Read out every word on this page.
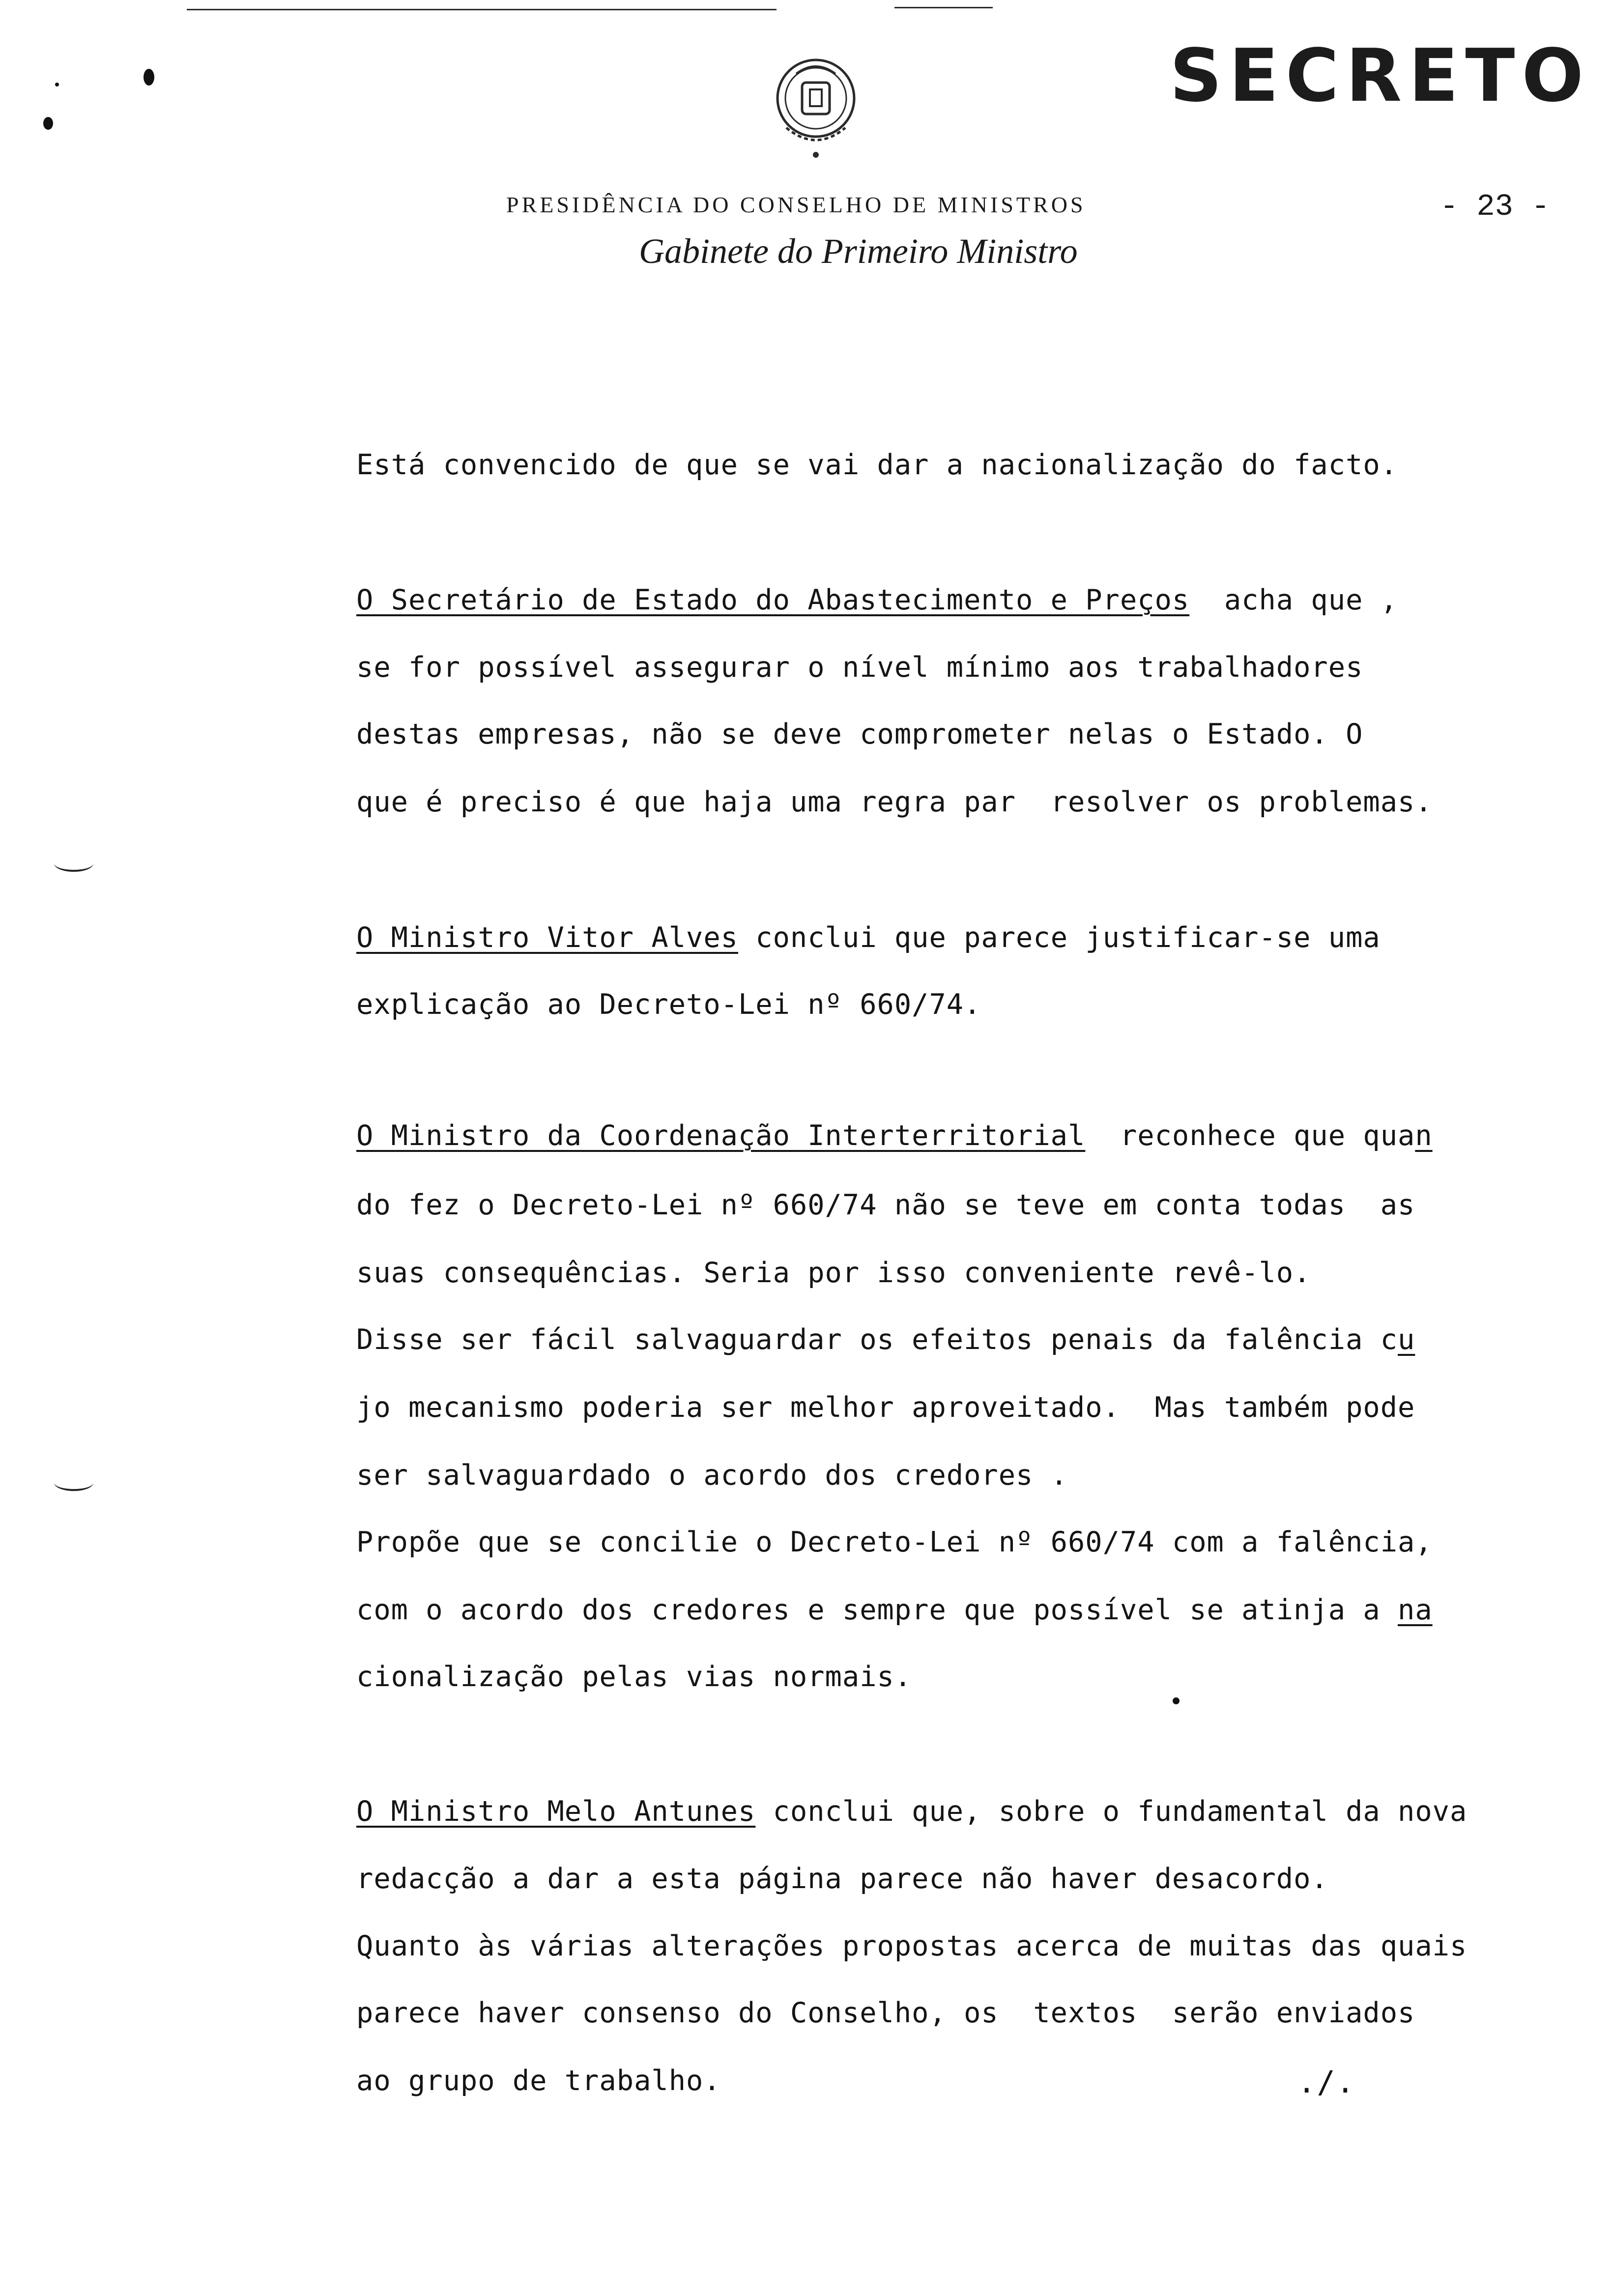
SECRETO
- 23 -
PRESIDÊNCIA DO CONSELHO DE MINISTROS
Gabinete do Primeiro Ministro
Está convencido de que se vai dar a nacionalização do facto.
O Secretário de Estado do Abastecimento e Preços  acha que ,
se for possível assegurar o nível mínimo aos trabalhadores
destas empresas, não se deve comprometer nelas o Estado. O
que é preciso é que haja uma regra par  resolver os problemas.
O Ministro Vitor Alves conclui que parece justificar-se uma
explicação ao Decreto-Lei nº 660/74.
O Ministro da Coordenação Interterritorial  reconhece que quan
do fez o Decreto-Lei nº 660/74 não se teve em conta todas  as
suas consequências. Seria por isso conveniente revê-lo.
Disse ser fácil salvaguardar os efeitos penais da falência cu
jo mecanismo poderia ser melhor aproveitado.  Mas também pode
ser salvaguardado o acordo dos credores .
Propõe que se concilie o Decreto-Lei nº 660/74 com a falência,
com o acordo dos credores e sempre que possível se atinja a na
cionalização pelas vias normais.
O Ministro Melo Antunes conclui que, sobre o fundamental da nova
redacção a dar a esta página parece não haver desacordo.
Quanto às várias alterações propostas acerca de muitas das quais
parece haver consenso do Conselho, os  textos  serão enviados
ao grupo de trabalho.	./.
